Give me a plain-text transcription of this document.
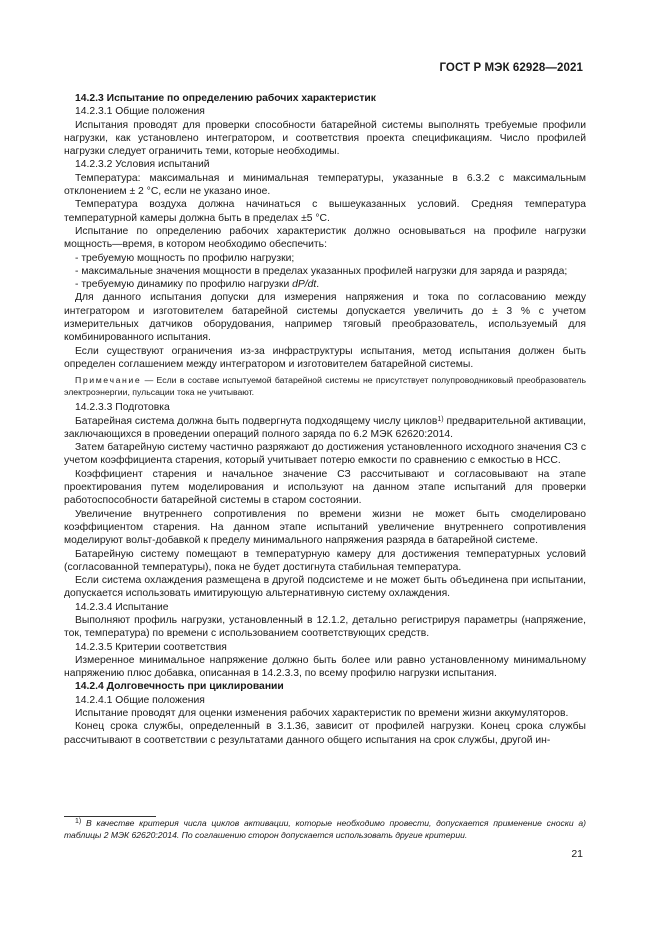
ГОСТ Р МЭК 62928—2021

14.2.3 Испытание по определению рабочих характеристик

14.2.3.1 Общие положения

Испытания проводят для проверки способности батарейной системы выполнять требуемые профили нагрузки, как установлено интегратором, и соответствия проекта спецификациям. Число профилей нагрузки следует ограничить теми, которые необходимы.

14.2.3.2 Условия испытаний

Температура: максимальная и минимальная температуры, указанные в 6.3.2 с максимальным отклонением ± 2 °С, если не указано иное.

Температура воздуха должна начинаться с вышеуказанных условий. Средняя температура температурной камеры должна быть в пределах ±5 °С.

Испытание по определению рабочих характеристик должно основываться на профиле нагрузки мощность—время, в котором необходимо обеспечить:

- требуемую мощность по профилю нагрузки;

- максимальные значения мощности в пределах указанных профилей нагрузки для заряда и разряда;

- требуемую динамику по профилю нагрузки dP/dt.

Для данного испытания допуски для измерения напряжения и тока по согласованию между интегратором и изготовителем батарейной системы допускается увеличить до ± 3 % с учетом измерительных датчиков оборудования, например тяговый преобразователь, используемый для комбинированного испытания.

Если существуют ограничения из-за инфраструктуры испытания, метод испытания должен быть определен соглашением между интегратором и изготовителем батарейной системы.

Примечание — Если в составе испытуемой батарейной системы не присутствует полупроводниковый преобразователь электроэнергии, пульсации тока не учитывают.

14.2.3.3 Подготовка

Батарейная система должна быть подвергнута подходящему числу циклов$^{1)}$ предварительной активации, заключающихся в проведении операций полного заряда по 6.2 МЭК 62620:2014.

Затем батарейную систему частично разряжают до достижения установленного исходного значения СЗ с учетом коэффициента старения, который учитывает потерю емкости по сравнению с емкостью в НСС.

Коэффициент старения и начальное значение СЗ рассчитывают и согласовывают на этапе проектирования путем моделирования и используют на данном этапе испытаний для проверки работоспособности батарейной системы в старом состоянии.

Увеличение внутреннего сопротивления по времени жизни не может быть смоделировано коэффициентом старения. На данном этапе испытаний увеличение внутреннего сопротивления моделируют вольт-добавкой к пределу минимального напряжения разряда в батарейной системе.

Батарейную систему помещают в температурную камеру для достижения температурных условий (согласованной температуры), пока не будет достигнута стабильная температура.

Если система охлаждения размещена в другой подсистеме и не может быть объединена при испытании, допускается использовать имитирующую альтернативную систему охлаждения.

14.2.3.4 Испытание

Выполняют профиль нагрузки, установленный в 12.1.2, детально регистрируя параметры (напряжение, ток, температура) по времени с использованием соответствующих средств.

14.2.3.5 Критерии соответствия

Измеренное минимальное напряжение должно быть более или равно установленному минимальному напряжению плюс добавка, описанная в 14.2.3.3, по всему профилю нагрузки испытания.

14.2.4 Долговечность при циклировании

14.2.4.1 Общие положения

Испытание проводят для оценки изменения рабочих характеристик по времени жизни аккумуляторов.

Конец срока службы, определенный в 3.1.36, зависит от профилей нагрузки. Конец срока службы рассчитывают в соответствии с результатами данного общего испытания на срок службы, другой ин-

$^{1)}$ В качестве критерия числа циклов активации, которые необходимо провести, допускается применение сноски а) таблицы 2 МЭК 62620:2014. По соглашению сторон допускается использовать другие критерии.
21
